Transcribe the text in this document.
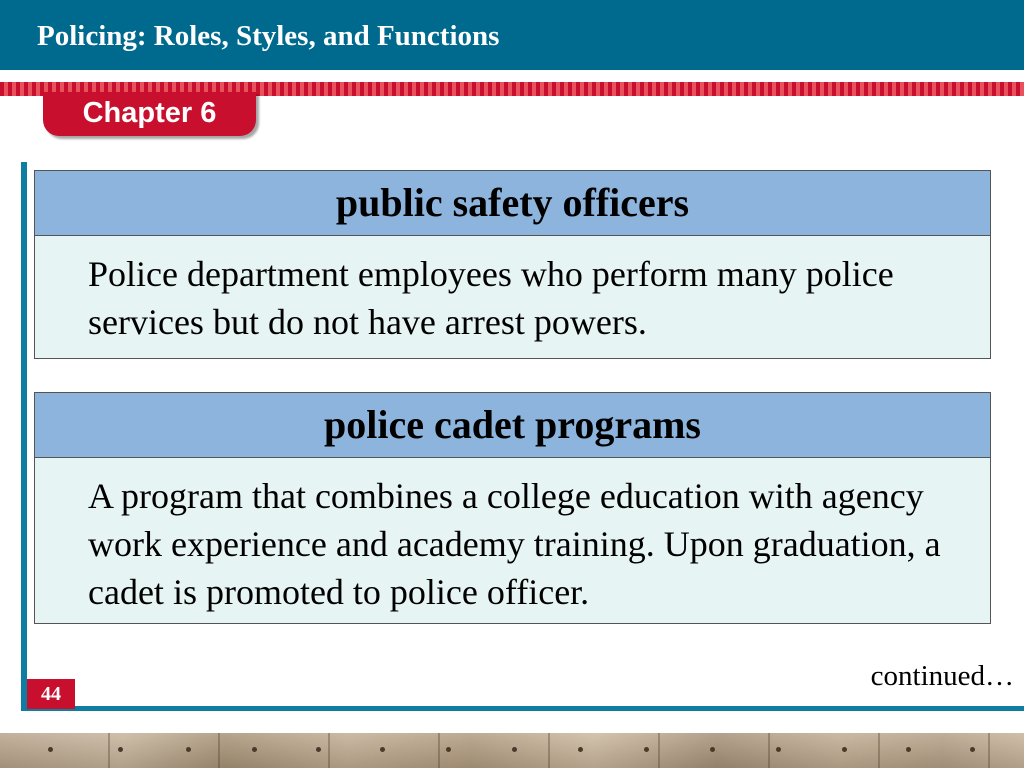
Policing: Roles, Styles, and Functions
Chapter 6
public safety officers
Police department employees who perform many police services but do not have arrest powers.
police cadet programs
A program that combines a college education with agency work experience and academy training. Upon graduation, a cadet is promoted to police officer.
continued…
44
